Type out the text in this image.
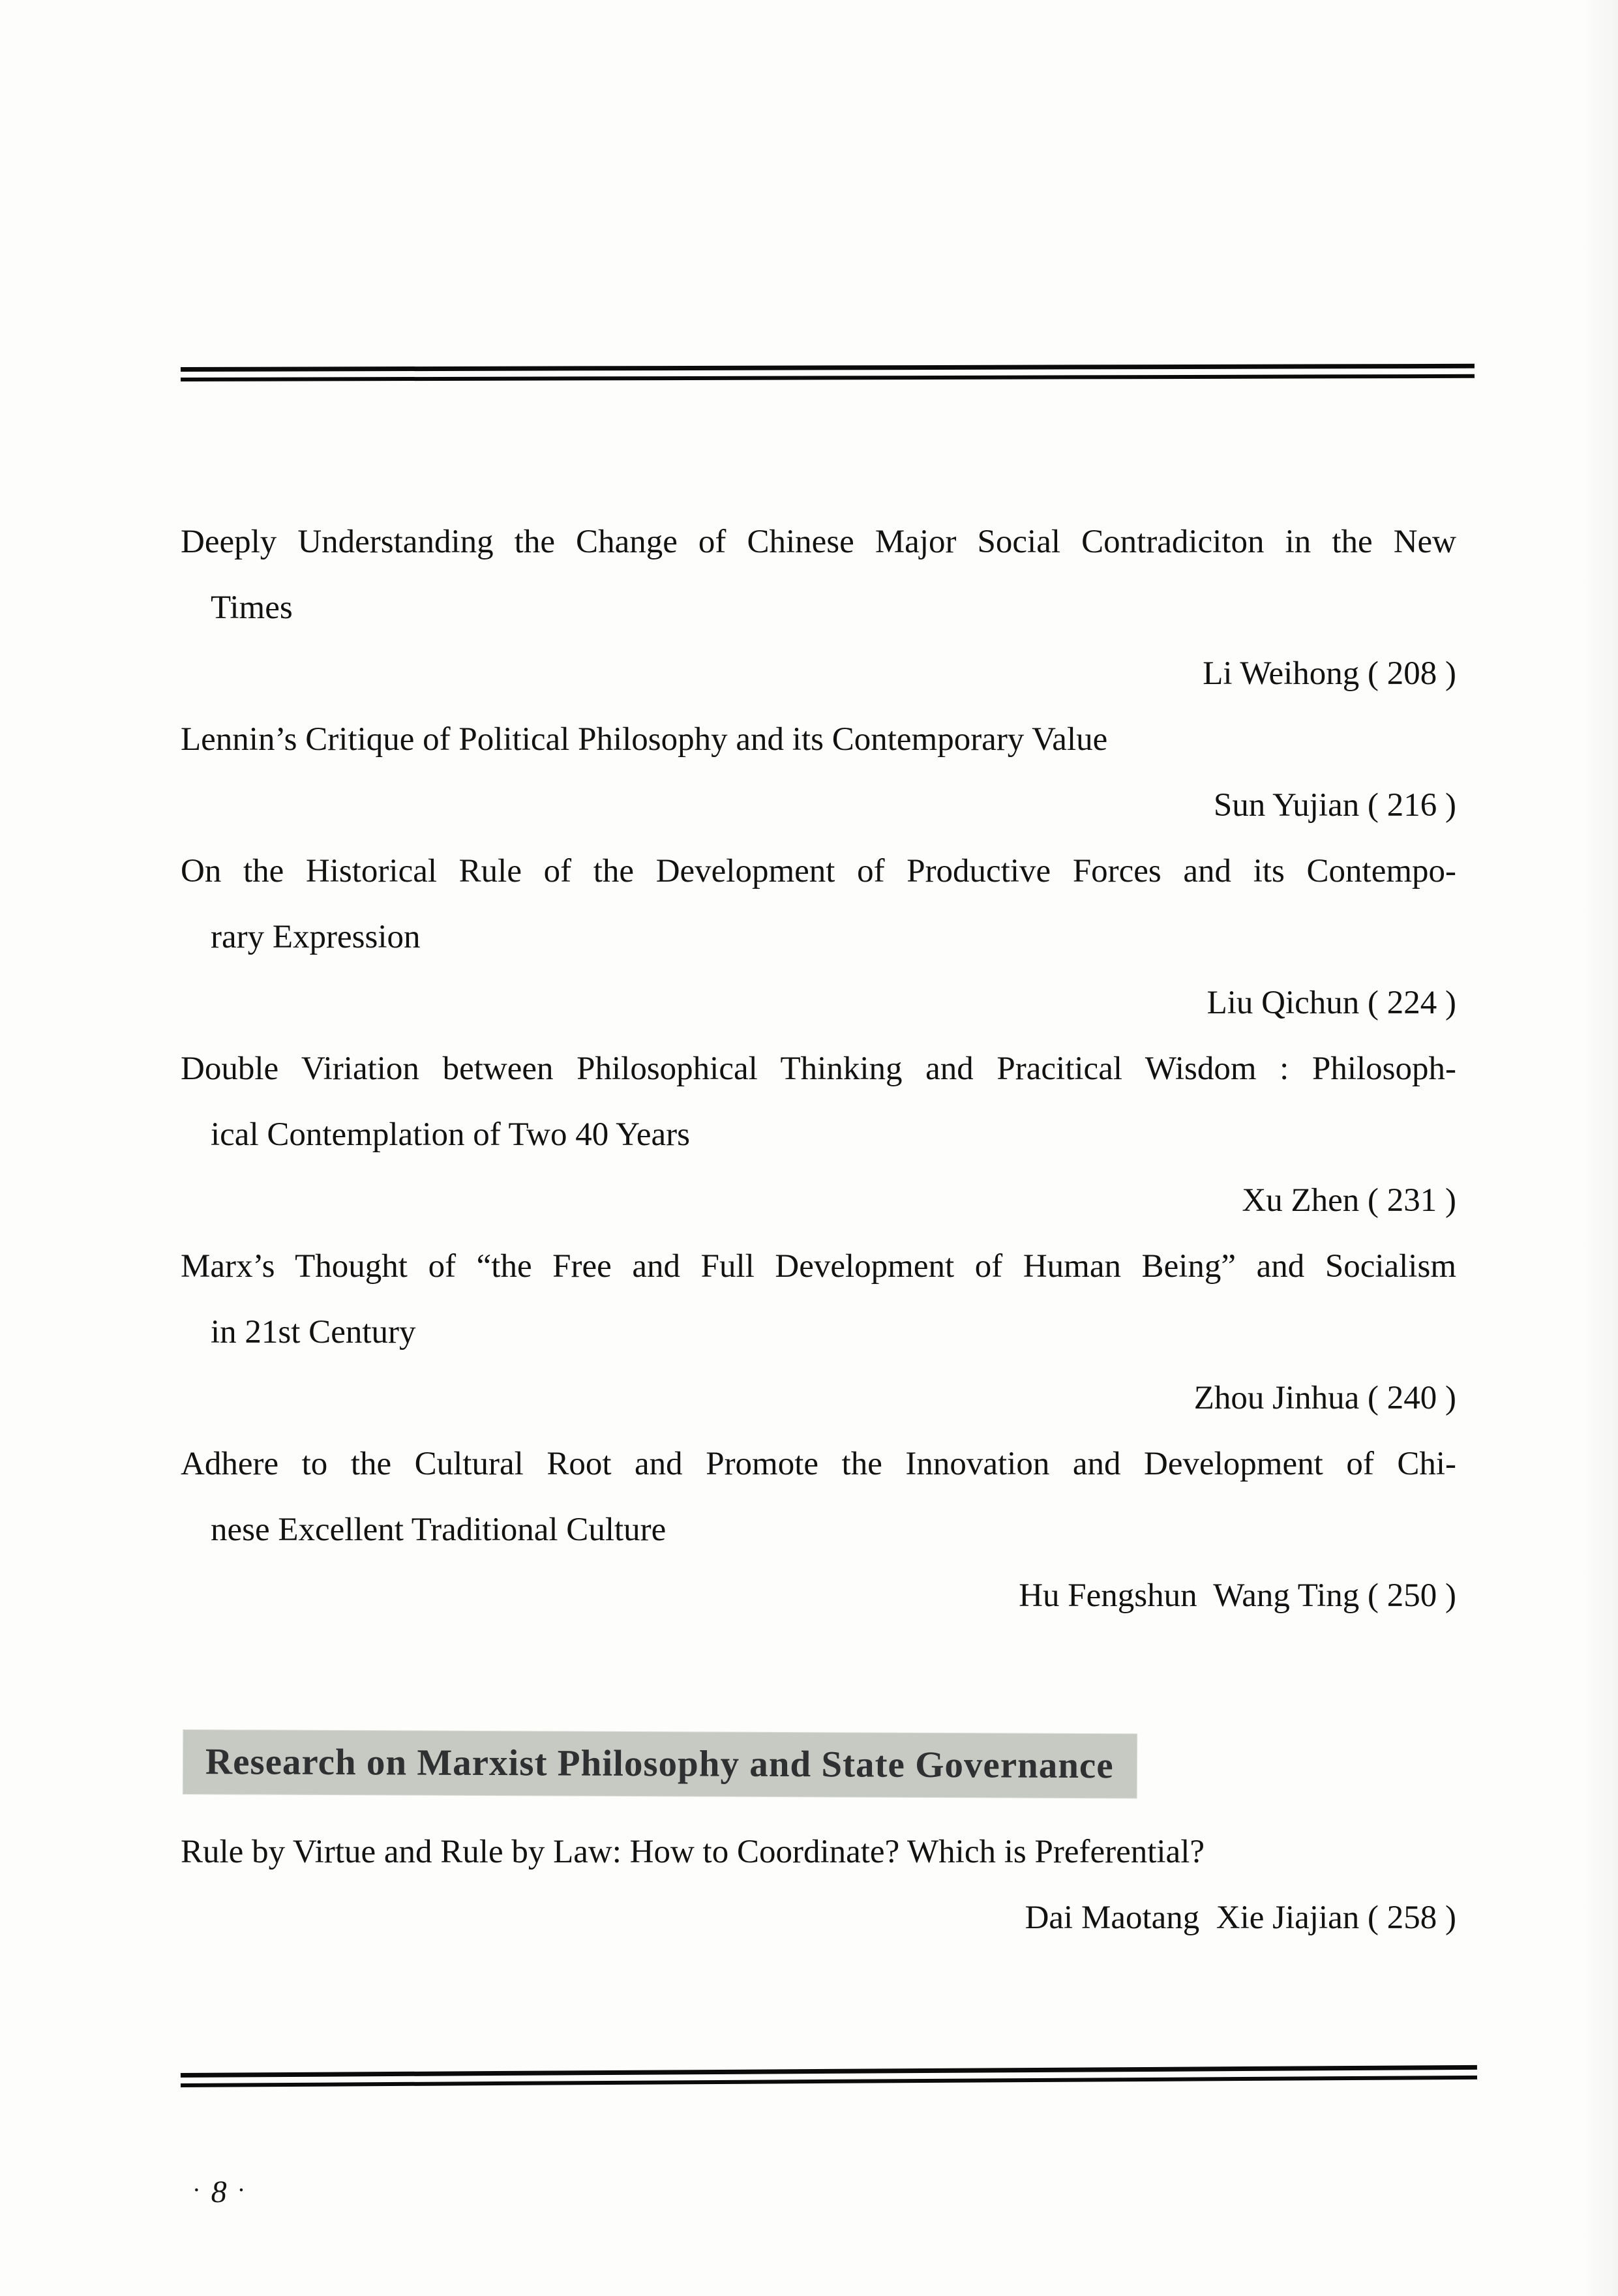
Deeply Understanding the Change of Chinese Major Social Contradiciton in the New
Times
Li Weihong ( 208 )
Lennin’s Critique of Political Philosophy and its Contemporary Value
Sun Yujian ( 216 )
On the Historical Rule of the Development of Productive Forces and its Contempo-
rary Expression
Liu Qichun ( 224 )
Double Viriation between Philosophical Thinking and Pracitical Wisdom : Philosoph-
ical Contemplation of Two 40 Years
Xu Zhen ( 231 )
Marx’s Thought of “the Free and Full Development of Human Being” and Socialism
in 21st Century
Zhou Jinhua ( 240 )
Adhere to the Cultural Root and Promote the Innovation and Development of Chi-
nese Excellent Traditional Culture
Hu Fengshun  Wang Ting ( 250 )
Research on Marxist Philosophy and State Governance
Rule by Virtue and Rule by Law: How to Coordinate? Which is Preferential?
Dai Maotang  Xie Jiajian ( 258 )
· 8 ·
